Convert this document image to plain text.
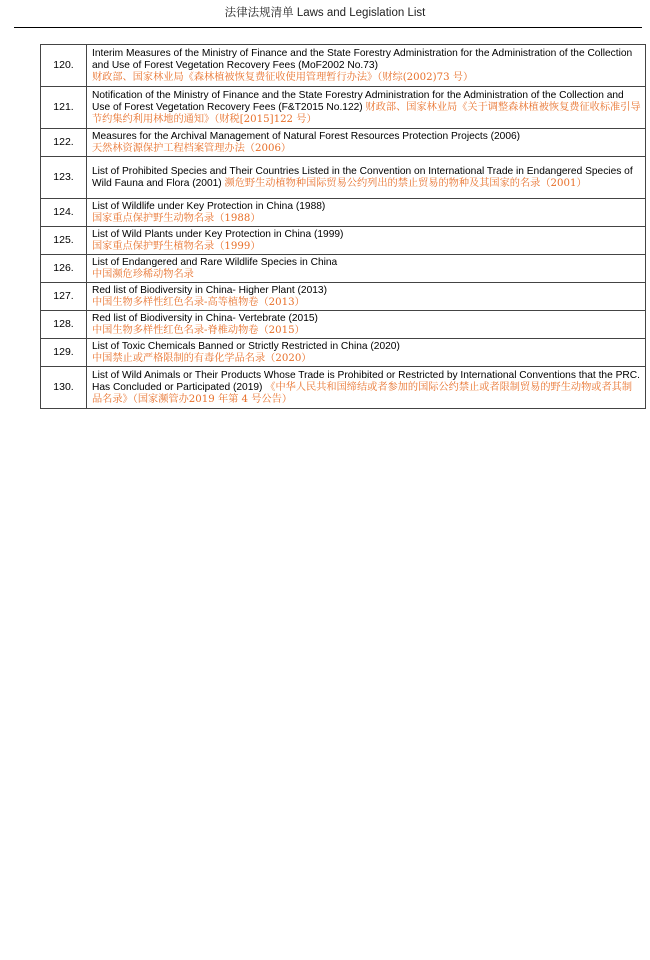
法律法规清单 Laws and Legislation List
120.	Interim Measures of the Ministry of Finance and the State Forestry Administration for the Administration of the Collection and Use of Forest Vegetation Recovery Fees (MoF2002 No.73)
财政部、国家林业局《森林植被恢复费征收使用管理暂行办法》（财综(2002)73 号）
121.	Notification of the Ministry of Finance and the State Forestry Administration for the Administration of the Collection and Use of Forest Vegetation Recovery Fees (F&T2015 No.122) 财政部、国家林业局《关于调整森林植被恢复费征收标准引导节约集约利用林地的通知》（财税[2015]122 号）
122.	Measures for the Archival Management of Natural Forest Resources Protection Projects (2006)
天然林资源保护工程档案管理办法（2006）
123.	List of Prohibited Species and Their Countries Listed in the Convention on International Trade in Endangered Species of Wild Fauna and Flora (2001) 濒危野生动植物种国际贸易公约列出的禁止贸易的物种及其国家的名录（2001）
124.	List of Wildlife under Key Protection in China (1988)
国家重点保护野生动物名录（1988）
125.	List of Wild Plants under Key Protection in China (1999)
国家重点保护野生植物名录（1999）
126.	List of Endangered and Rare Wildlife Species in China
中国濒危珍稀动物名录
127.	Red list of Biodiversity in China- Higher Plant (2013)
中国生物多样性红色名录-高等植物卷（2013）
128.	Red list of Biodiversity in China- Vertebrate (2015)
中国生物多样性红色名录-脊椎动物卷（2015）
129.	List of Toxic Chemicals Banned or Strictly Restricted in China (2020)
中国禁止或严格限制的有毒化学品名录（2020）
130.	List of Wild Animals or Their Products Whose Trade is Prohibited or Restricted by International Conventions that the PRC. Has Concluded or Participated (2019) 《中华人民共和国缔结或者参加的国际公约禁止或者限制贸易的野生动物或者其制品名录》（国家濒管办2019 年第 4 号公告）
